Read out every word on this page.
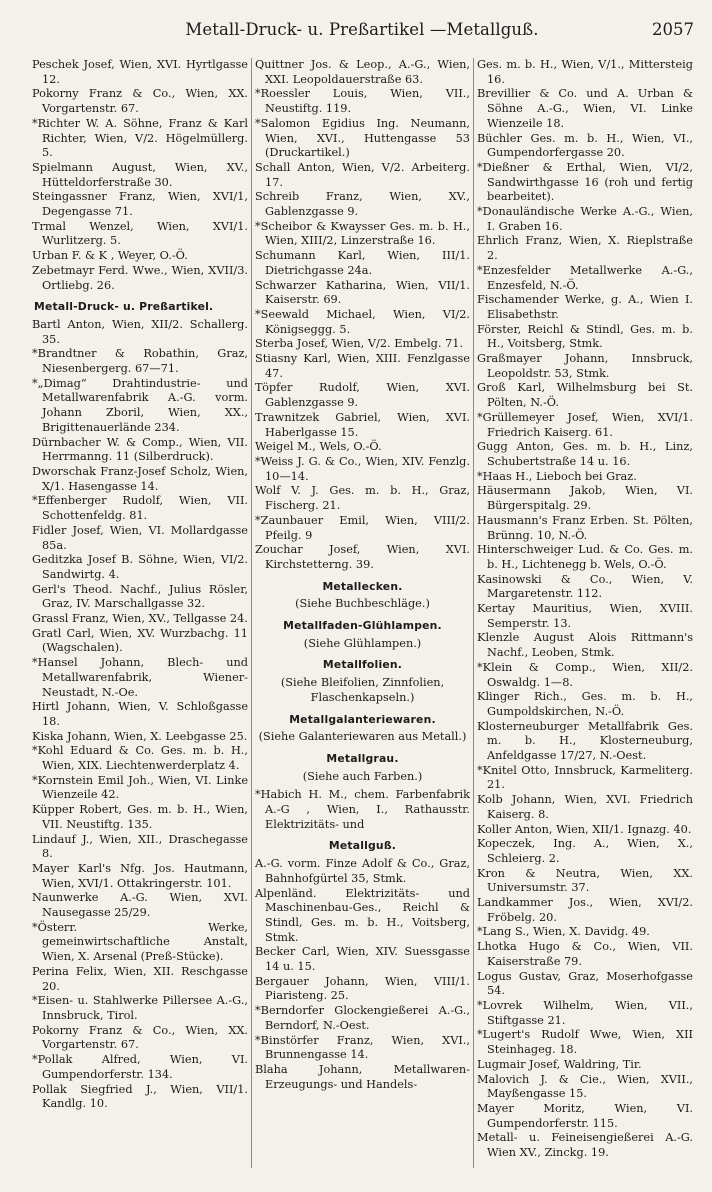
Metall-Druck- u. Preßartikel —Metallguß.	2057
Peschek Josef, Wien, XVI. Hyrtlgasse 12.
Pokorny Franz & Co., Wien, XX. Vorgartenstr. 67.
*Richter W. A. Söhne, Franz & Karl Richter, Wien, V/2. Högelmüllerg. 5.
Spielmann August, Wien, XV., Hütteldorferstraße 30.
Steingassner Franz, Wien, XVI/1, Degengasse 71.
Trmal Wenzel, Wien, XVI/1. Wurlitzerg. 5.
Urban F. & K , Weyer, O.-Ö.
Zebetmayr Ferd. Wwe., Wien, XVII/3. Ortliebg. 26.
Metall-Druck- u. Preßartikel.
Bartl Anton, Wien, XII/2. Schallerg. 35.
*Brandtner & Robathin, Graz, Niesenbergerg. 67—71.
*„Dimag“ Drahtindustrie- und Metallwarenfabrik A.-G. vorm. Johann Zboril, Wien, XX., Brigittenauerlände 234.
Dürnbacher W. & Comp., Wien, VII. Herrmanng. 11 (Silberdruck).
Dworschak Franz-Josef Scholz, Wien, X/1. Hasengasse 14.
*Effenberger Rudolf, Wien, VII. Schottenfeldg. 81.
Fidler Josef, Wien, VI. Mollardgasse 85a.
Geditzka Josef B. Söhne, Wien, VI/2. Sandwirtg. 4.
Gerl's Theod. Nachf., Julius Rösler, Graz, IV. Marschallgasse 32.
Grassl Franz, Wien, XV., Tellgasse 24.
Gratl Carl, Wien, XV. Wurzbachg. 11 (Wagschalen).
*Hansel Johann, Blech- und Metallwarenfabrik, Wiener-Neustadt, N.-Oe.
Hirtl Johann, Wien, V. Schloßgasse 18.
Kiska Johann, Wien, X. Leebgasse 25.
*Kohl Eduard & Co. Ges. m. b. H., Wien, XIX. Liechtenwerderplatz 4.
*Kornstein Emil Joh., Wien, VI. Linke Wienzeile 42.
Küpper Robert, Ges. m. b. H., Wien, VII. Neustiftg. 135.
Lindauf J., Wien, XII., Draschegasse 8.
Mayer Karl's Nfg. Jos. Hautmann, Wien, XVI/1. Ottakringerstr. 101.
Naunwerke A.-G. Wien, XVI. Nausegasse 25/29.
*Österr. Werke, gemeinwirtschaftliche Anstalt, Wien, X. Arsenal (Preß-Stücke).
Perina Felix, Wien, XII. Reschgasse 20.
*Eisen- u. Stahlwerke Pillersee A.-G., Innsbruck, Tirol.
Pokorny Franz & Co., Wien, XX. Vorgartenstr. 67.
*Pollak Alfred, Wien, VI. Gumpendorferstr. 134.
Pollak Siegfried J., Wien, VII/1. Kandlg. 10.
Quittner Jos. & Leop., A.-G., Wien, XXI. Leopoldauerstraße 63.
*Roessler Louis, Wien, VII., Neustiftg. 119.
*Salomon Egidius Ing. Neumann, Wien, XVI., Huttengasse 53 (Druckartikel.)
Schall Anton, Wien, V/2. Arbeiterg. 17.
Schreib Franz, Wien, XV., Gablenzgasse 9.
*Scheibor & Kwaysser Ges. m. b. H., Wien, XIII/2, Linzerstraße 16.
Schumann Karl, Wien, III/1. Dietrichgasse 24a.
Schwarzer Katharina, Wien, VII/1. Kaiserstr. 69.
*Seewald Michael, Wien, VI/2. Königseggg. 5.
Sterba Josef, Wien, V/2. Embelg. 71.
Stiasny Karl, Wien, XIII. Fenzlgasse 47.
Töpfer Rudolf, Wien, XVI. Gablenzgasse 9.
Trawnitzek Gabriel, Wien, XVI. Haberlgasse 15.
Weigel M., Wels, O.-Ö.
*Weiss J. G. & Co., Wien, XIV. Fenzlg. 10—14.
Wolf V. J. Ges. m. b. H., Graz, Fischerg. 21.
*Zaunbauer Emil, Wien, VIII/2. Pfeilg. 9
Zouchar Josef, Wien, XVI. Kirchstetterng. 39.
Metallecken.
(Siehe Buchbeschläge.)
Metallfaden-Glühlampen.
(Siehe Glühlampen.)
Metallfolien.
(Siehe Bleifolien, Zinnfolien, Flaschenkapseln.)
Metallgalanteriewaren.
(Siehe Galanteriewaren aus Metall.)
Metallgrau.
(Siehe auch Farben.)
*Habich H. M., chem. Farbenfabrik A.-G , Wien, I., Rathausstr. Elektrizitäts- und
Metallguß.
A.-G. vorm. Finze Adolf & Co., Graz, Bahnhofgürtel 35, Stmk.
Alpenländ. Elektrizitäts- und Maschinenbau-Ges., Reichl & Stindl, Ges. m. b. H., Voitsberg, Stmk.
Becker Carl, Wien, XIV. Suessgasse 14 u. 15.
Bergauer Johann, Wien, VIII/1. Piaristeng. 25.
*Berndorfer Glockengießerei A.-G., Berndorf, N.-Oest.
*Binstörfer Franz, Wien, XVI., Brunnengasse 14.
Blaha Johann, Metallwaren-Erzeugungs- und Handels-
Ges. m. b. H., Wien, V/1., Mittersteig 16.
Brevillier & Co. und A. Urban & Söhne A.-G., Wien, VI. Linke Wienzeile 18.
Büchler Ges. m. b. H., Wien, VI., Gumpendorfergasse 20.
*Dießner & Erthal, Wien, VI/2, Sandwirthgasse 16 (roh und fertig bearbeitet).
*Donauländische Werke A.-G., Wien, I. Graben 16.
Ehrlich Franz, Wien, X. Rieplstraße 2.
*Enzesfelder Metallwerke A.-G., Enzesfeld, N.-Ö.
Fischamender Werke, g. A., Wien I. Elisabethstr.
Förster, Reichl & Stindl, Ges. m. b. H., Voitsberg, Stmk.
Graßmayer Johann, Innsbruck, Leopoldstr. 53, Stmk.
Groß Karl, Wilhelmsburg bei St. Pölten, N.-Ö.
*Grüllemeyer Josef, Wien, XVI/1. Friedrich Kaiserg. 61.
Gugg Anton, Ges. m. b. H., Linz, Schubertstraße 14 u. 16.
*Haas H., Lieboch bei Graz.
Häusermann Jakob, Wien, VI. Bürgerspitalg. 29.
Hausmann's Franz Erben. St. Pölten, Brünng. 10, N.-Ö.
Hinterschweiger Lud. & Co. Ges. m. b. H., Lichtenegg b. Wels, O.-Ö.
Kasinowski & Co., Wien, V. Margaretenstr. 112.
Kertay Mauritius, Wien, XVIII. Semperstr. 13.
Klenzle August Alois Rittmann's Nachf., Leoben, Stmk.
*Klein & Comp., Wien, XII/2. Oswaldg. 1—8.
Klinger Rich., Ges. m. b. H., Gumpoldskirchen, N.-Ö.
Klosterneuburger Metallfabrik Ges. m. b. H., Klosterneuburg, Anfeldgasse 17/27, N.-Oest.
*Knitel Otto, Innsbruck, Karmeliterg. 21.
Kolb Johann, Wien, XVI. Friedrich Kaiserg. 8.
Koller Anton, Wien, XII/1. Ignazg. 40.
Kopeczek, Ing. A., Wien, X., Schleierg. 2.
Kron & Neutra, Wien, XX. Universumstr. 37.
Landkammer Jos., Wien, XVI/2. Fröbelg. 20.
*Lang S., Wien, X. Davidg. 49.
Lhotka Hugo & Co., Wien, VII. Kaiserstraße 79.
Logus Gustav, Graz, Moserhofgasse 54.
*Lovrek Wilhelm, Wien, VII., Stiftgasse 21.
*Lugert's Rudolf Wwe, Wien, XII Steinhageg. 18.
Lugmair Josef, Waldring, Tir.
Malovich J. & Cie., Wien, XVII., Mayßengasse 15.
Mayer Moritz, Wien, VI. Gumpendorferstr. 115.
Metall- u. Feineisengießerei A.-G. Wien XV., Zinckg. 19.
